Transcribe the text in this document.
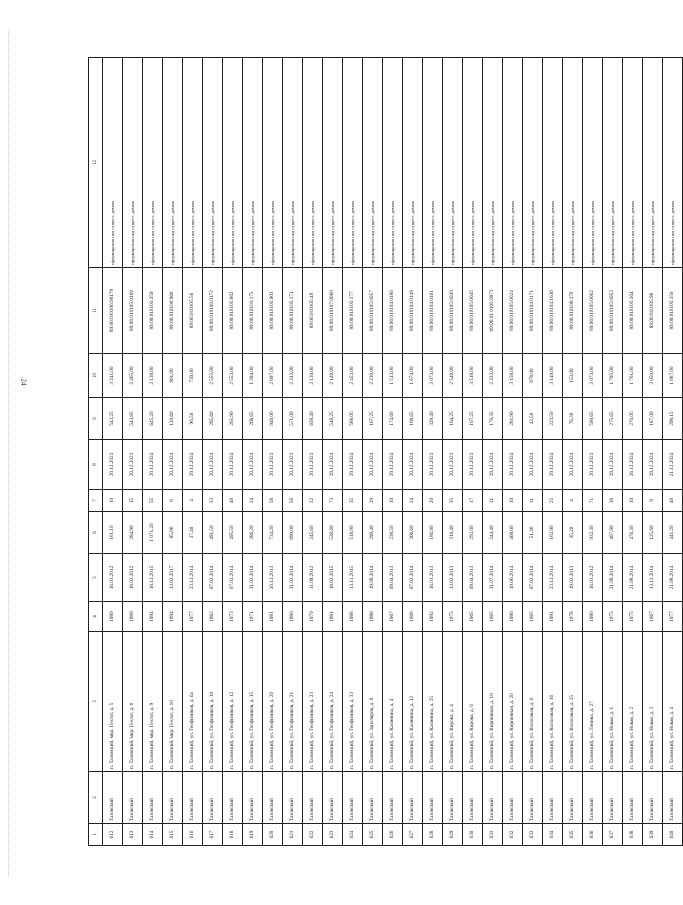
24
1	2	3	4	5	6	7	8	9	10	11	12
612	Тазовский	п. Тазовский, мкр. Геолог, д. 5	1989	16.03.2012	161,10	10	20.12.2023	543,25	3 241,00	89:06:010106:90179	сформирован под сущест. домом
613	Тазовский	п. Тазовский, мкр. Геолог, д. 6	1989	16.03.2012	284,90	15	20.12.2023	543,85	2 465,00	89:06:010105:0169	сформирован под сущест. домом
614	Тазовский	п. Тазовский, мкр. Геолог, д. 9	1994	18.12.2015	1 071,20	55	20.12.2024	645,20	2 138,00	89:06:010105:359	сформирован под сущест. домом
615	Тазовский	п. Тазовский, мкр. Геолог, д. 10	1994	13.02.2017	85,06	8	20.12.2024	120,60	901,00	89:06:010106:960	сформирован под сущест. домом
616	Тазовский	п. Тазовский, ул. Геофизиков, д. 6а	1977	23.12.2014	37,40	4	29.12.2024	96,50	739,00	89:06:010105:56	сформирован под сущест. домом
617	Тазовский	п. Тазовский, ул. Геофизиков, д. 10	1982	07.02.2014	491,50	33	20.12.2024	285,60	2 555,00	89:06:010106:0172	сформирован под сущест. домом
618	Тазовский	п. Тазовский, ул. Геофизиков, д. 12	1973	07.02.2014	495,50	48	20.12.2024	261,90	2 553,00	89:06:010105:862	сформирован под сущест. домом
619	Тазовский	п. Тазовский, ул. Геофизиков, д. 15	1971	31.03.2014	386,20	24	20.12.2024	268,65	1 394,00	89:06:010101:175	сформирован под сущест. домом
620	Тазовский	п. Тазовский, ул. Геофизиков, д. 20	1981	20.12.2013	734,20	58	20.12.2023	948,00	2 897,00	89:06:010105:903	сформирован под сущест. домом
621	Тазовский	п. Тазовский, ул. Геофизиков, д. 21	1980	31.03.2014	890,00	56	20.12.2023	571,00	2 243,00	89:06:010105:171	сформирован под сущест. домом
622	Тазовский	п. Тазовский, ул. Геофизиков, д. 23	1979	11.09.2012	245,60	32	20.12.2023	658,40	2 130,00	89:06:010105:49	сформирован под сущест. домом
623	Тазовский	п. Тазовский, ул. Геофизиков, д. 24	1981	18.02.2015	528,60	73	29.12.2024	548,25	2 148,00	89:06:010107:0060	сформирован под сущест. домом
624	Тазовский	п. Тазовский, ул. Геофизиков, д. 33	1988	13.11.2015	518,90	35	29.12.2024	588,05	2 452,00	89:06:010105:177	сформирован под сущест. домом
625	Тазовский	п. Тазовский, ул. Заполяров, д. 8	1988	19.08.2014	299,40	29	20.12.2024	167,25	2 238,00	89:06:010105:0057	сформирован под сущест. домом
626	Тазовский	п. Тазовский, ул. Калинина, д. 4	1967	09.04.2013	238,50	30	29.12.2024	174,60	1 513,00	89:06:010104:0186	сформирован под сущест. домом
627	Тазовский	п. Тазовский, ул. Калинина, д. 12	1968	07.02.2014	366,60	24	20.12.2024	168,65	1 674,00	89:06:010104:0149	сформирован под сущест. домом
628	Тазовский	п. Тазовский, ул. Калинина, д. 25	1992	16.01.2013	186,90	20	20.12.2023	329,40	3 073,00	89:06:010104:0161	сформирован под сущест. домом
629	Тазовский	п. Тазовский, ул. Кирова, д. 4	1975	13.02.2013	318,40	35	20.12.2023	164,25	2 548,00	89:06:010105:0030	сформирован под сущест. домом
630	Тазовский	п. Тазовский, ул. Кирова, д. 6	1965	09.04.2013	292,00	17	20.12.2023	167,25	3 518,00	89:06:010105:0045	сформирован под сущест. домом
631	Тазовский	п. Тазовский, ул. Кирпичная, д. 10	1965	31.07.2014	244,40	31	29.12.2024	179,35	2 333,00	89:06:01 0105:0073	сформирован под сущест. домом
632	Тазовский	п. Тазовский, ул. Кирпичная, д. 20	1986	19.06.2014	468,00	30	20.12.2024	281,90	3 158,00	89:06:010105:0024	сформирован под сущест. домом
633	Тазовский	п. Тазовский, ул. Колхозная, д. 6	1965	07.02.2014	51,36	11	20.12.2024	42,50	678,00	89:06:010104:0171	сформирован под сущест. домом
634	Тазовский	п. Тазовский, ул. Колхозная, д. 16	1991	23.12.2014	162,90	25	29.12.2024	223,50	3 149,00	89:06:010104:1636	сформирован под сущест. домом
635	Тазовский	п. Тазовский, ул. Колхозная, д. 25	1978	19.03.2013	35,20	4	20.12.2024	76,30	153,00	89:06:010106:270	сформирован под сущест. домом
636	Тазовский	п. Тазовский, ул. Ленина, д. 27	1980	16.03.2012	932,30	71	20.12.2023	590,65	3 073,00	89:06:010105:0062	сформирован под сущест. домом
637	Тазовский	п. Тазовский, ул. Новая, д. 1	1975	21.08.2014	407,90	38	29.12.2024	275,65	1 795,00	89:06:010105:0053	сформирован под сущест. домом
638	Тазовский	п. Тазовский, ул. Новая, д. 2	1975	21.08.2014	476,30	30	26.12.2024	270,05	1 761,00	89:06:010105:164	сформирован под сущест. домом
639	Тазовский	п. Тазовский, ул. Новая, д. 3	1967	13.11.2014	125,60	9	29.12.2024	187,00	3 050,00	89:06:010105:98	сформирован под сущест. домом
640	Тазовский	п. Тазовский, ул. Новая, д. 4	1977	21.08.2014	441,20	48	21.12.2024	298,15	1 887,00	89:06:010105:150	сформирован под сущест. домом
